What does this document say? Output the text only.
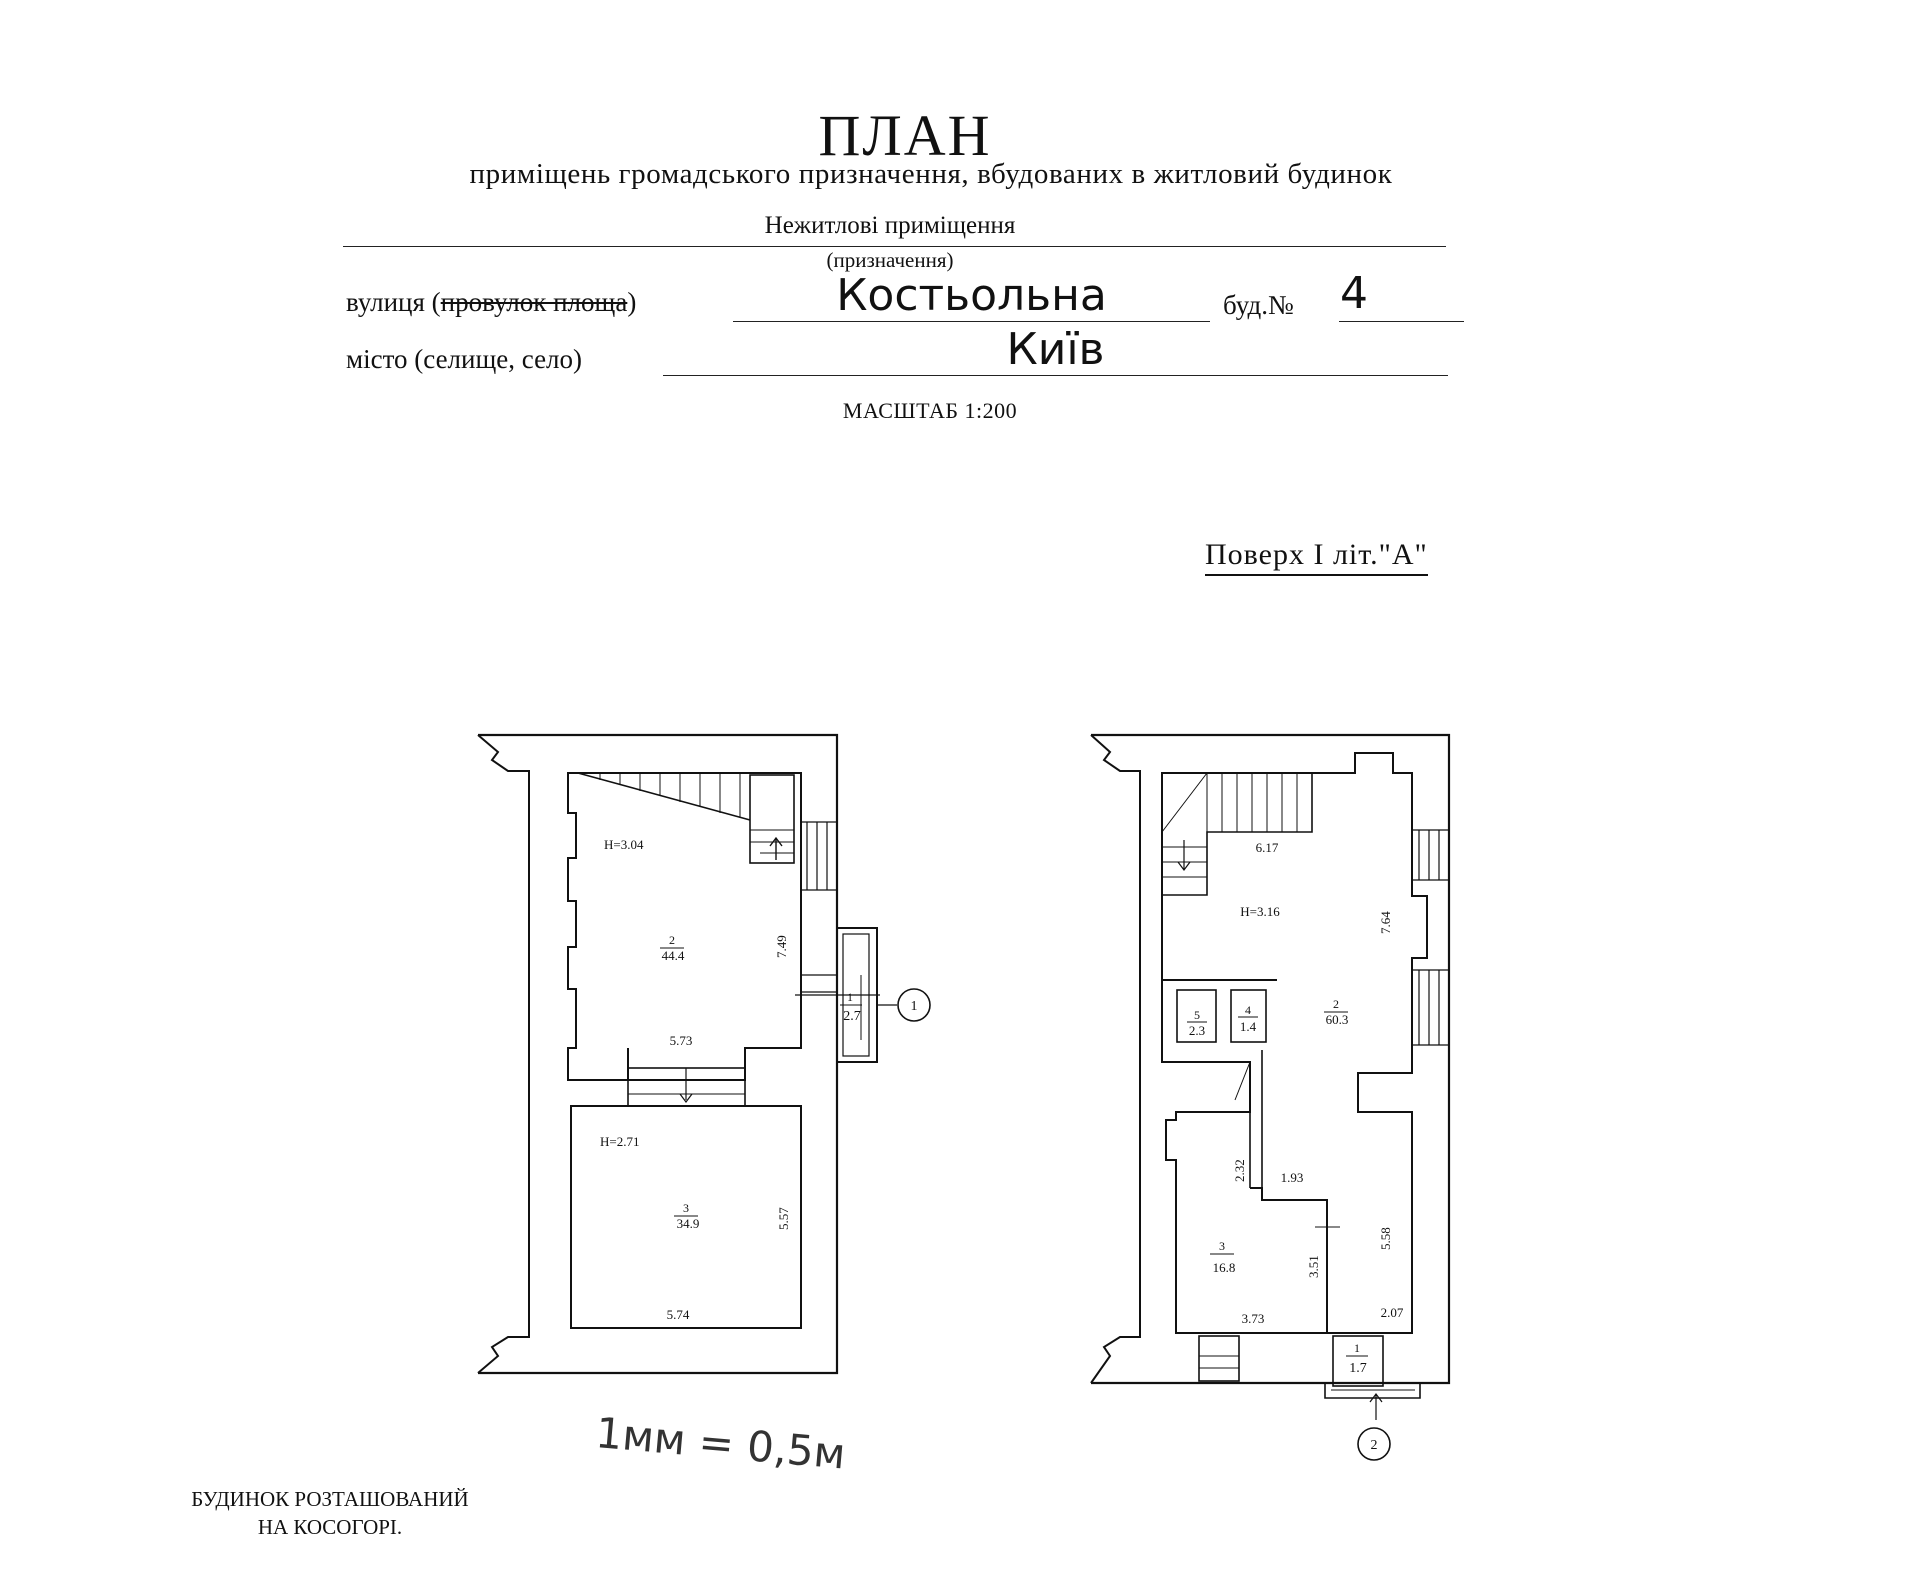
ПЛАН
приміщень громадського призначення, вбудованих в житловий будинок
Нежитлові приміщення
(призначення)
вулиця (провулок площа)	Костьольна	буд.№ 4
місто (селище, село)	Київ
МАСШТАБ 1:200
Поверх I літ."А"
H=3.04
2
44.4	7.49
1
2.7
1
5.73
H=2.71
3
34.9	5.57
5.74
6.17
H=3.16	7.64
5
2.3
4
1.4
2
60.3
2.32	1.93
3
16.8	3.51
5.58
3.73	2.07
1
1.7
2
1мм = 0,5м
БУДИНОК РОЗТАШОВАНИЙ
НА КОСОГОРІ.
